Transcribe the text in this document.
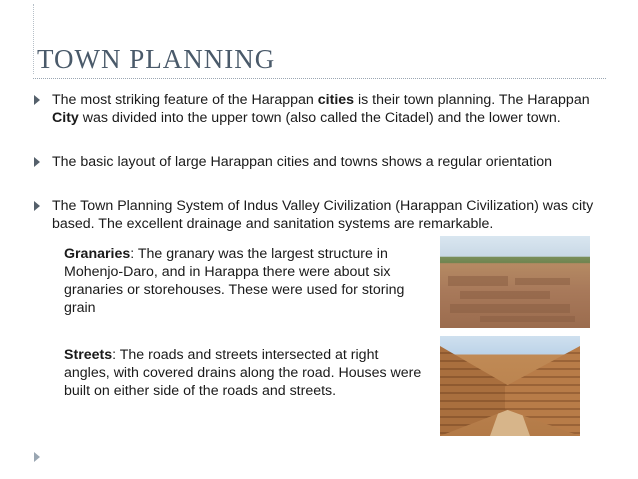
TOWN PLANNING
The most striking feature of the Harappan cities is their town planning. The Harappan City was divided into the upper town (also called the Citadel) and the lower town.
The basic layout of large Harappan cities and towns shows a regular orientation
The Town Planning System of Indus Valley Civilization (Harappan Civilization) was city based. The excellent drainage and sanitation systems are remarkable.
Granaries: The granary was the largest structure in Mohenjo-Daro, and in Harappa there were about six granaries or storehouses. These were used for storing grain
Streets: The roads and streets intersected at right angles, with covered drains along the road. Houses were built on either side of the roads and streets.
